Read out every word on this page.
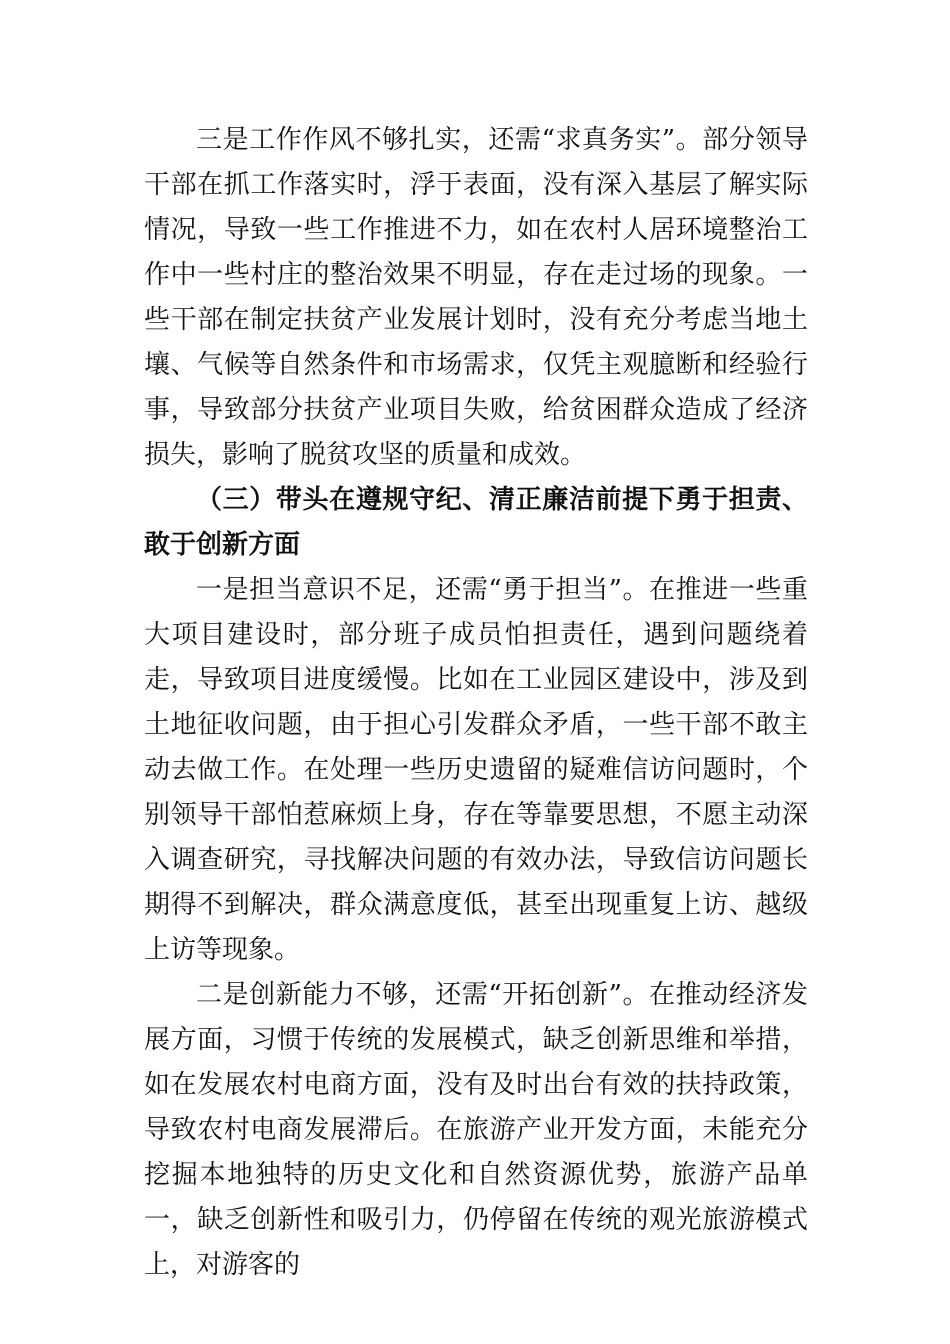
三是工作作风不够扎实，还需“求真务实”。部分领导干部在抓工作落实时，浮于表面，没有深入基层了解实际情况，导致一些工作推进不力，如在农村人居环境整治工作中一些村庄的整治效果不明显，存在走过场的现象。一些干部在制定扶贫产业发展计划时，没有充分考虑当地土壤、气候等自然条件和市场需求，仅凭主观臆断和经验行事，导致部分扶贫产业项目失败，给贫困群众造成了经济损失，影响了脱贫攻坚的质量和成效。

（三）带头在遵规守纪、清正廉洁前提下勇于担责、敢于创新方面

一是担当意识不足，还需“勇于担当”。在推进一些重大项目建设时，部分班子成员怕担责任，遇到问题绕着走，导致项目进度缓慢。比如在工业园区建设中，涉及到土地征收问题，由于担心引发群众矛盾，一些干部不敢主动去做工作。在处理一些历史遗留的疑难信访问题时，个别领导干部怕惹麻烦上身，存在等靠要思想，不愿主动深入调查研究，寻找解决问题的有效办法，导致信访问题长期得不到解决，群众满意度低，甚至出现重复上访、越级上访等现象。

二是创新能力不够，还需“开拓创新”。在推动经济发展方面，习惯于传统的发展模式，缺乏创新思维和举措，如在发展农村电商方面，没有及时出台有效的扶持政策，导致农村电商发展滞后。在旅游产业开发方面，未能充分挖掘本地独特的历史文化和自然资源优势，旅游产品单一，缺乏创新性和吸引力，仍停留在传统的观光旅游模式上，对游客的
